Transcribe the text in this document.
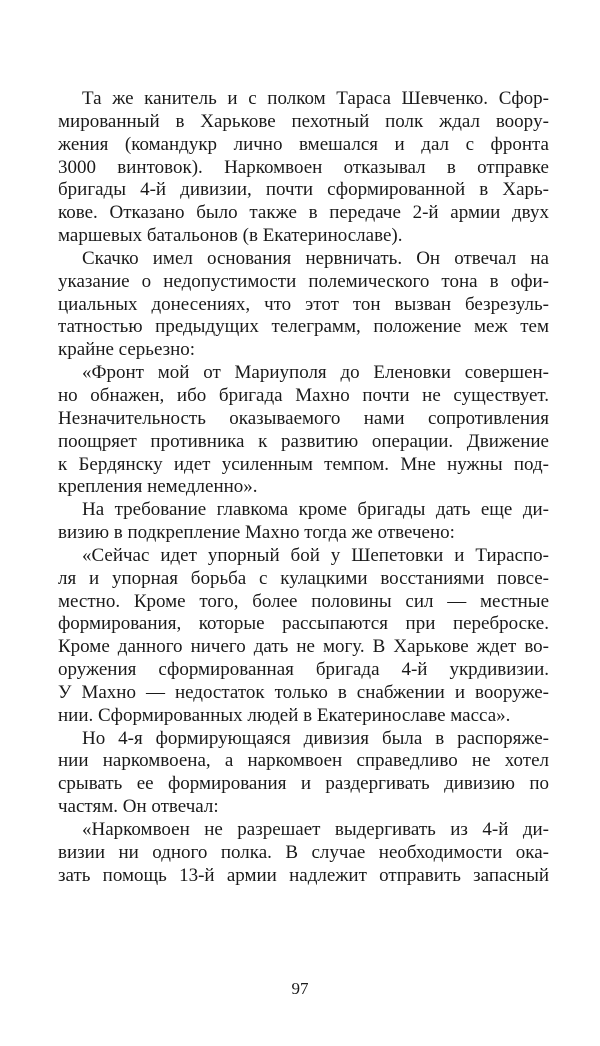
Та же канитель и с полком Тараса Шевченко. Сфор-
мированный в Харькове пехотный полк ждал вооpу-
жения (командукр лично вмешался и дал с фронта
3000 винтовок). Наркомвоен отказывал в отправке
бригады 4-й дивизии, почти сформированной в Харь-
кове. Отказано было также в передаче 2-й армии двух
маршевых батальонов (в Екатеринославе).
Скачко имел основания нервничать. Он отвечал на
указание о недопустимости полемического тона в офи-
циальных донесениях, что этот тон вызван безрезуль-
татностью предыдущих телеграмм, положение меж тем
крайне серьезно:
«Фронт мой от Мариуполя до Еленовки совершен-
но обнажен, ибо бригада Махно почти не существует.
Незначительность оказываемого нами сопротивления
поощряет противника к развитию операции. Движение
к Бердянску идет усиленным темпом. Мне нужны под-
крепления немедленно».
На требование главкома кроме бригады дать еще ди-
визию в подкрепление Махно тогда же отвечено:
«Сейчас идет упорный бой у Шепетовки и Тираспо-
ля и упорная борьба с кулацкими восстаниями повсе-
местно. Кроме того, более половины сил — местные
формирования, которые рассыпаются при переброске.
Кроме данного ничего дать не могу. В Харькове ждет во-
оружения сформированная бригада 4-й укрдивизии.
У Махно — недостаток только в снабжении и вооруже-
нии. Сформированных людей в Екатеринославе масса».
Но 4-я формирующаяся дивизия была в распоряже-
нии наркомвоена, а наркомвоен справедливо не хотел
срывать ее формирования и раздергивать дивизию по
частям. Он отвечал:
«Наркомвоен не разрешает выдергивать из 4-й ди-
визии ни одного полка. В случае необходимости ока-
зать помощь 13-й армии надлежит отправить запасный
97
